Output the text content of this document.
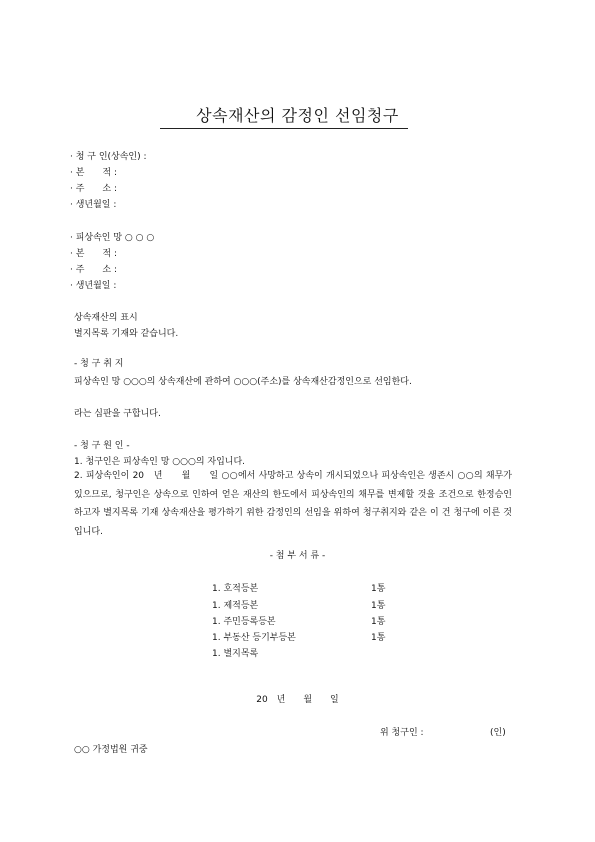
상속재산의 감정인 선임청구
· 청 구 인(상속인) :
· 본　　적 :
· 주　　소 :
· 생년월일 :
· 피상속인 망 ○ ○ ○
· 본　　적 :
· 주　　소 :
· 생년월일 :
상속재산의 표시
별지목록 기재와 같습니다.
- 청 구 취 지
피상속인 망 ○○○의 상속재산에 관하여 ○○○(주소)를 상속재산감정인으로 선임한다.
라는 심판을 구합니다.
- 청 구 원 인 -
1. 청구인은 피상속인 망 ○○○의 자입니다.
2. 피상속인이 20　년　　월　　일 ○○에서 사망하고 상속이 개시되었으나 피상속인은 생존시 ○○의 채무가 있으므로, 청구인은 상속으로 인하여 얻은 재산의 한도에서 피상속인의 채무를 변제할 것을 조건으로 한정승인 하고자 별지목록 기재 상속재산을 평가하기 위한 감정인의 선임을 위하여 청구취지와 같은 이 건 청구에 이른 것입니다.
- 첨 부 서 류 -
1. 호적등본	1통
1. 제적등본	1통
1. 주민등록등본	1통
1. 부동산 등기부등본	1통
1. 별지목록
20　년　　월　　일
위 청구인 :	(인)
○○ 가정법원 귀중
